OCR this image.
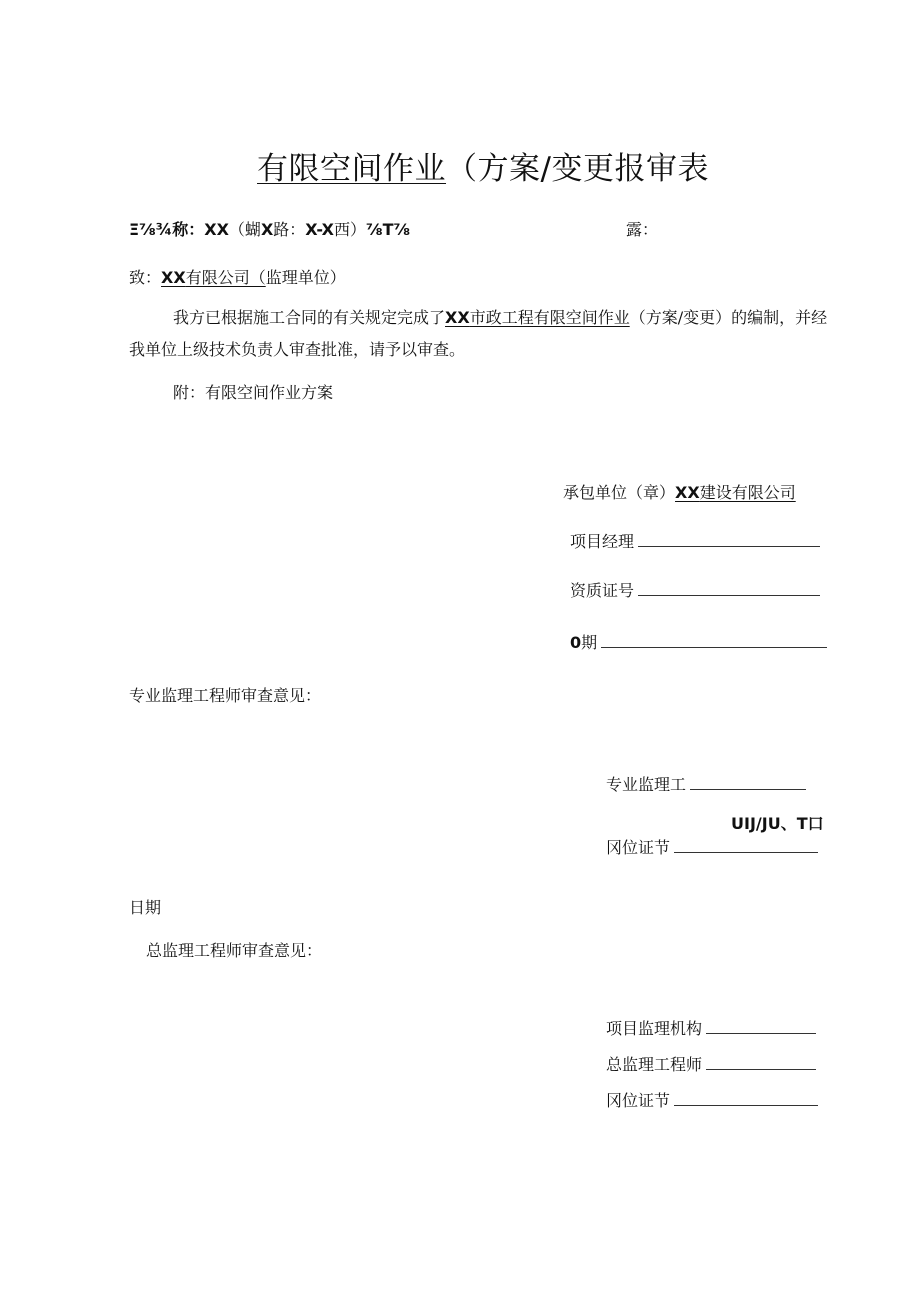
有限空间作业（方案/变更报审表
Ξ⅞¾称：XX（蝴X路：X-X西）⅞T⅞	露：
致：XX有限公司（监理单位）
我方已根据施工合同的有关规定完成了XX市政工程有限空间作业（方案/变更）的编制，并经我单位上级技术负责人审查批准，请予以审查。
附：有限空间作业方案
承包单位（章）XX建设有限公司
项目经理
资质证号
0期
专业监理工程师审查意见：
专业监理工
UIJ/JU、T口
冈位证节
日期
总监理工程师审查意见：
项目监理机构
总监理工程师
冈位证节
